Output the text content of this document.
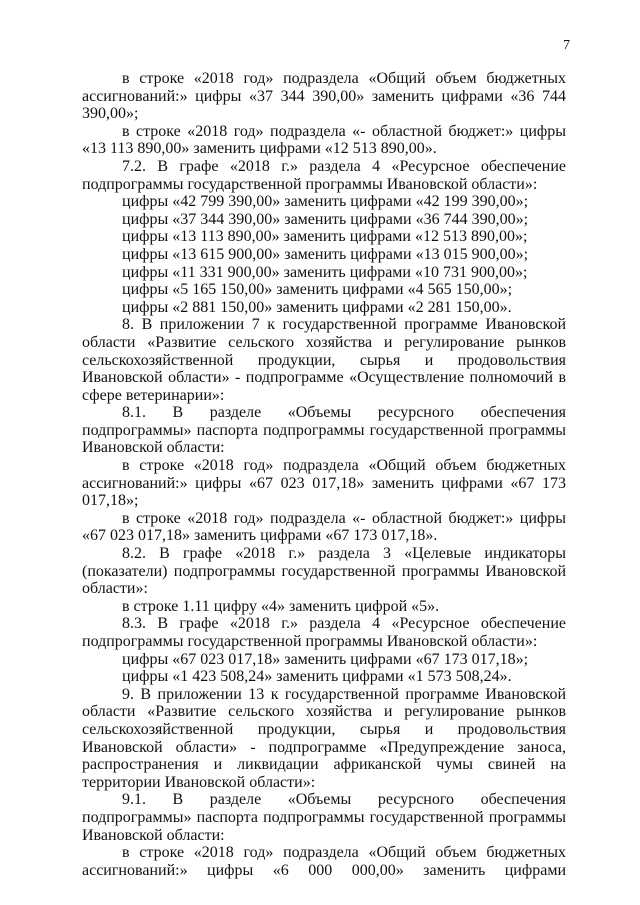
7

в строке «2018 год» подраздела «Общий объем бюджетных ассигнований:» цифры «37 344 390,00» заменить цифрами «36 744 390,00»;

в строке «2018 год» подраздела «- областной бюджет:» цифры «13 113 890,00» заменить цифрами «12 513 890,00».

7.2. В графе «2018 г.» раздела 4 «Ресурсное обеспечение подпрограммы государственной программы Ивановской области»:

цифры «42 799 390,00» заменить цифрами «42 199 390,00»;

цифры «37 344 390,00» заменить цифрами «36 744 390,00»;

цифры «13 113 890,00» заменить цифрами «12 513 890,00»;

цифры «13 615 900,00» заменить цифрами «13 015 900,00»;

цифры «11 331 900,00» заменить цифрами «10 731 900,00»;

цифры «5 165 150,00» заменить цифрами «4 565 150,00»;

цифры «2 881 150,00» заменить цифрами «2 281 150,00».

8. В приложении 7 к государственной программе Ивановской области «Развитие сельского хозяйства и регулирование рынков сельскохозяйственной продукции, сырья и продовольствия Ивановской области» - подпрограмме «Осуществление полномочий в сфере ветеринарии»:

8.1. В разделе «Объемы ресурсного обеспечения подпрограммы» паспорта подпрограммы государственной программы Ивановской области:

в строке «2018 год» подраздела «Общий объем бюджетных ассигнований:» цифры «67 023 017,18» заменить цифрами «67 173 017,18»;

в строке «2018 год» подраздела «- областной бюджет:» цифры «67 023 017,18» заменить цифрами «67 173 017,18».

8.2. В графе «2018 г.» раздела 3 «Целевые индикаторы (показатели) подпрограммы государственной программы Ивановской области»:

в строке 1.11 цифру «4» заменить цифрой «5».

8.3. В графе «2018 г.» раздела 4 «Ресурсное обеспечение подпрограммы государственной программы Ивановской области»:

цифры «67 023 017,18» заменить цифрами «67 173 017,18»;

цифры «1 423 508,24» заменить цифрами «1 573 508,24».

9. В приложении 13 к государственной программе Ивановской области «Развитие сельского хозяйства и регулирование рынков сельскохозяйственной продукции, сырья и продовольствия Ивановской области» - подпрограммe «Предупреждение заноса, распространения и ликвидации африканской чумы свиней на территории Ивановской области»:

9.1. В разделе «Объемы ресурсного обеспечения подпрограммы» паспорта подпрограммы государственной программы Ивановской области:

в строке «2018 год» подраздела «Общий объем бюджетных ассигнований:» цифры «6 000 000,00» заменить цифрами
